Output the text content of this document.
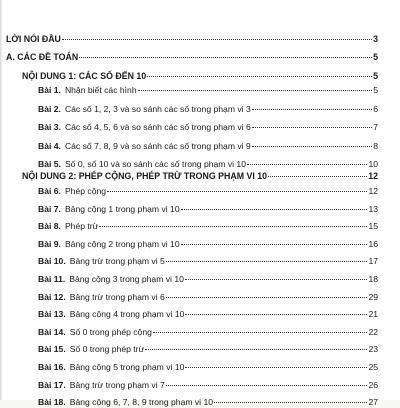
LỜI NÓI ĐẦU	3
A. CÁC ĐỀ TOÁN	5
NỘI DUNG 1: CÁC SỐ ĐẾN 10	5
Bài 1. Nhận biết các hình	5
Bài 2. Các số 1, 2, 3 và so sánh các số trong phạm vi 3	6
Bài 3. Các số 4, 5, 6 và so sánh các số trong phạm vi 6	7
Bài 4. Các số 7, 8, 9 và so sánh các số trong phạm vi 9	8
Bài 5. Số 0, số 10 và so sánh các số trong phạm vi 10	10
NỘI DUNG 2: PHÉP CỘNG, PHÉP TRỪ TRONG PHẠM VI 10	12
Bài 6. Phép cộng	12
Bài 7. Bảng cộng 1 trong phạm vi 10	13
Bài 8. Phép trừ	15
Bài 9. Bảng cộng 2 trong phạm vi 10	16
Bài 10. Bảng trừ trong phạm vi 5	17
Bài 11. Bảng cộng 3 trong phạm vi 10	18
Bài 12. Bảng trừ trong phạm vi 6	29
Bài 13. Bảng cộng 4 trong phạm vi 10	21
Bài 14. Số 0 trong phép cộng	22
Bài 15. Số 0 trong phép trừ	23
Bài 16. Bảng cộng 5 trong phạm vi 10	25
Bài 17. Bảng trừ trong phạm vi 7	26
Bài 18. Bảng cộng 6, 7, 8, 9 trong phạm vi 10	27
